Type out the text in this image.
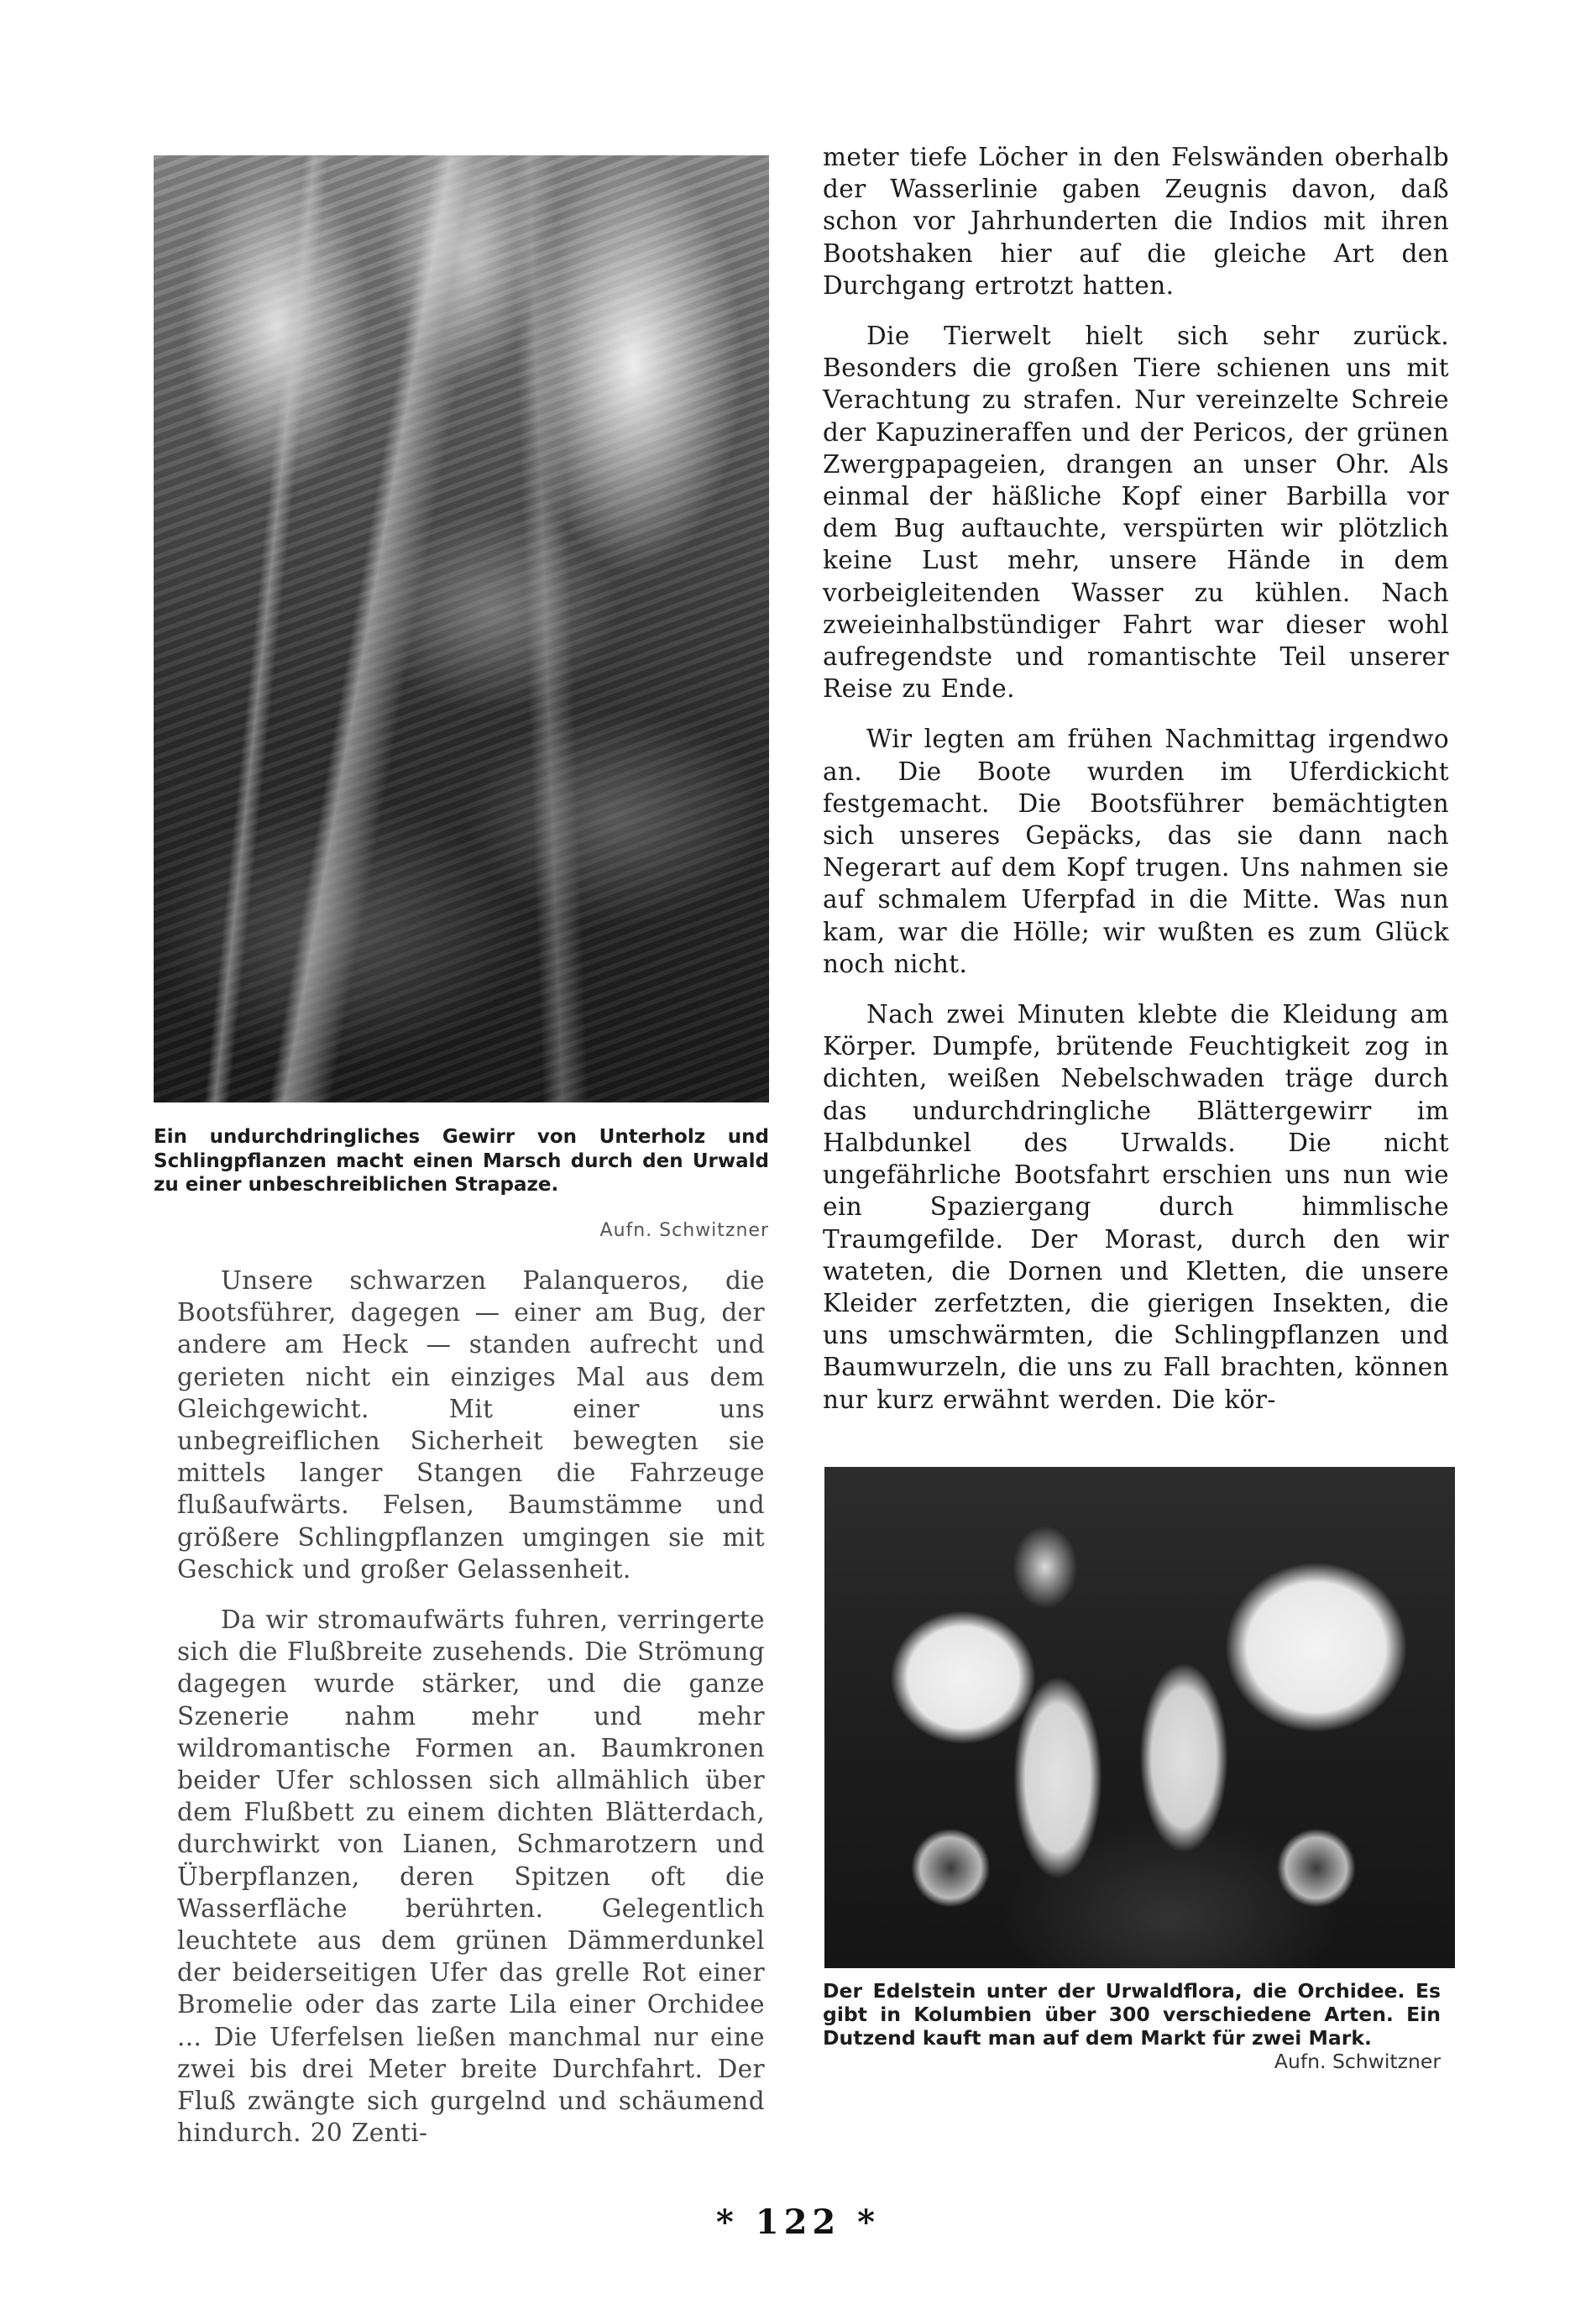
Ein undurchdringliches Gewirr von Unterholz und Schlingpflanzen macht einen Marsch durch den Urwald zu einer unbeschreiblichen Strapaze.

Aufn. Schwitzner

Unsere schwarzen Palanqueros, die Bootsführer, dagegen — einer am Bug, der andere am Heck — standen aufrecht und gerieten nicht ein einziges Mal aus dem Gleichgewicht. Mit einer uns unbegreiflichen Sicherheit bewegten sie mittels langer Stangen die Fahrzeuge flußaufwärts. Felsen, Baumstämme und größere Schlingpflanzen umgingen sie mit Geschick und großer Gelassenheit.

Da wir stromaufwärts fuhren, verringerte sich die Flußbreite zusehends. Die Strömung dagegen wurde stärker, und die ganze Szenerie nahm mehr und mehr wildromantische Formen an. Baumkronen beider Ufer schlossen sich allmählich über dem Flußbett zu einem dichten Blätterdach, durchwirkt von Lianen, Schmarotzern und Überpflanzen, deren Spitzen oft die Wasserfläche berührten. Gelegentlich leuchtete aus dem grünen Dämmerdunkel der beiderseitigen Ufer das grelle Rot einer Bromelie oder das zarte Lila einer Orchidee ... Die Uferfelsen ließen manchmal nur eine zwei bis drei Meter breite Durchfahrt. Der Fluß zwängte sich gurgelnd und schäumend hindurch. 20 Zenti-

meter tiefe Löcher in den Felswänden oberhalb der Wasserlinie gaben Zeugnis davon, daß schon vor Jahrhunderten die Indios mit ihren Bootshaken hier auf die gleiche Art den Durchgang ertrotzt hatten.

Die Tierwelt hielt sich sehr zurück. Besonders die großen Tiere schienen uns mit Verachtung zu strafen. Nur vereinzelte Schreie der Kapuzineraffen und der Pericos, der grünen Zwergpapageien, drangen an unser Ohr. Als einmal der häßliche Kopf einer Barbilla vor dem Bug auftauchte, verspürten wir plötzlich keine Lust mehr, unsere Hände in dem vorbeigleitenden Wasser zu kühlen. Nach zweieinhalbstündiger Fahrt war dieser wohl aufregendste und romantischte Teil unserer Reise zu Ende.

Wir legten am frühen Nachmittag irgendwo an. Die Boote wurden im Uferdickicht festgemacht. Die Bootsführer bemächtigten sich unseres Gepäcks, das sie dann nach Negerart auf dem Kopf trugen. Uns nahmen sie auf schmalem Uferpfad in die Mitte. Was nun kam, war die Hölle; wir wußten es zum Glück noch nicht.

Nach zwei Minuten klebte die Kleidung am Körper. Dumpfe, brütende Feuchtigkeit zog in dichten, weißen Nebelschwaden träge durch das undurchdringliche Blättergewirr im Halbdunkel des Urwalds. Die nicht ungefährliche Bootsfahrt erschien uns nun wie ein Spaziergang durch himmlische Traumgefilde. Der Morast, durch den wir wateten, die Dornen und Kletten, die unsere Kleider zerfetzten, die gierigen Insekten, die uns umschwärmten, die Schlingpflanzen und Baumwurzeln, die uns zu Fall brachten, können nur kurz erwähnt werden. Die kör-

Der Edelstein unter der Urwaldflora, die Orchidee. Es gibt in Kolumbien über 300 verschiedene Arten. Ein Dutzend kauft man auf dem Markt für zwei Mark.
Aufn. Schwitzner

* 122 *
